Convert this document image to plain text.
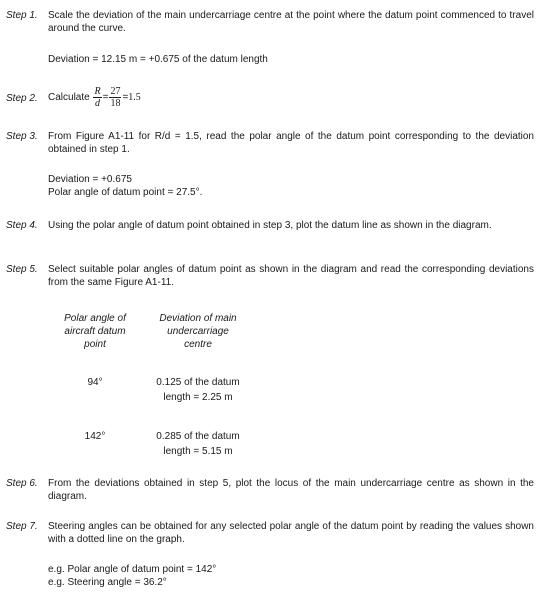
Step 1. Scale the deviation of the main undercarriage centre at the point where the datum point commenced to travel around the curve.
Deviation = 12.15 m = +0.675 of the datum length
Step 2. Calculate $\frac{R}{d} = \frac{27}{18} =1.5$
Step 3. From Figure A1-11 for R/d = 1.5, read the polar angle of the datum point corresponding to the deviation obtained in step 1.
Deviation = +0.675
Polar angle of datum point = 27.5°.
Step 4. Using the polar angle of datum point obtained in step 3, plot the datum line as shown in the diagram.
Step 5. Select suitable polar angles of datum point as shown in the diagram and read the corresponding deviations from the same Figure A1-11.
Polar angle of
aircraft datum
point
Deviation of main
undercarriage
centre
94°	0.125 of the datum
length = 2.25 m
142°	0.285 of the datum
length = 5.15 m
Step 6. From the deviations obtained in step 5, plot the locus of the main undercarriage centre as shown in the diagram.
Step 7. Steering angles can be obtained for any selected polar angle of the datum point by reading the values shown with a dotted line on the graph.
e.g. Polar angle of datum point = 142°
e.g. Steering angle = 36.2°
